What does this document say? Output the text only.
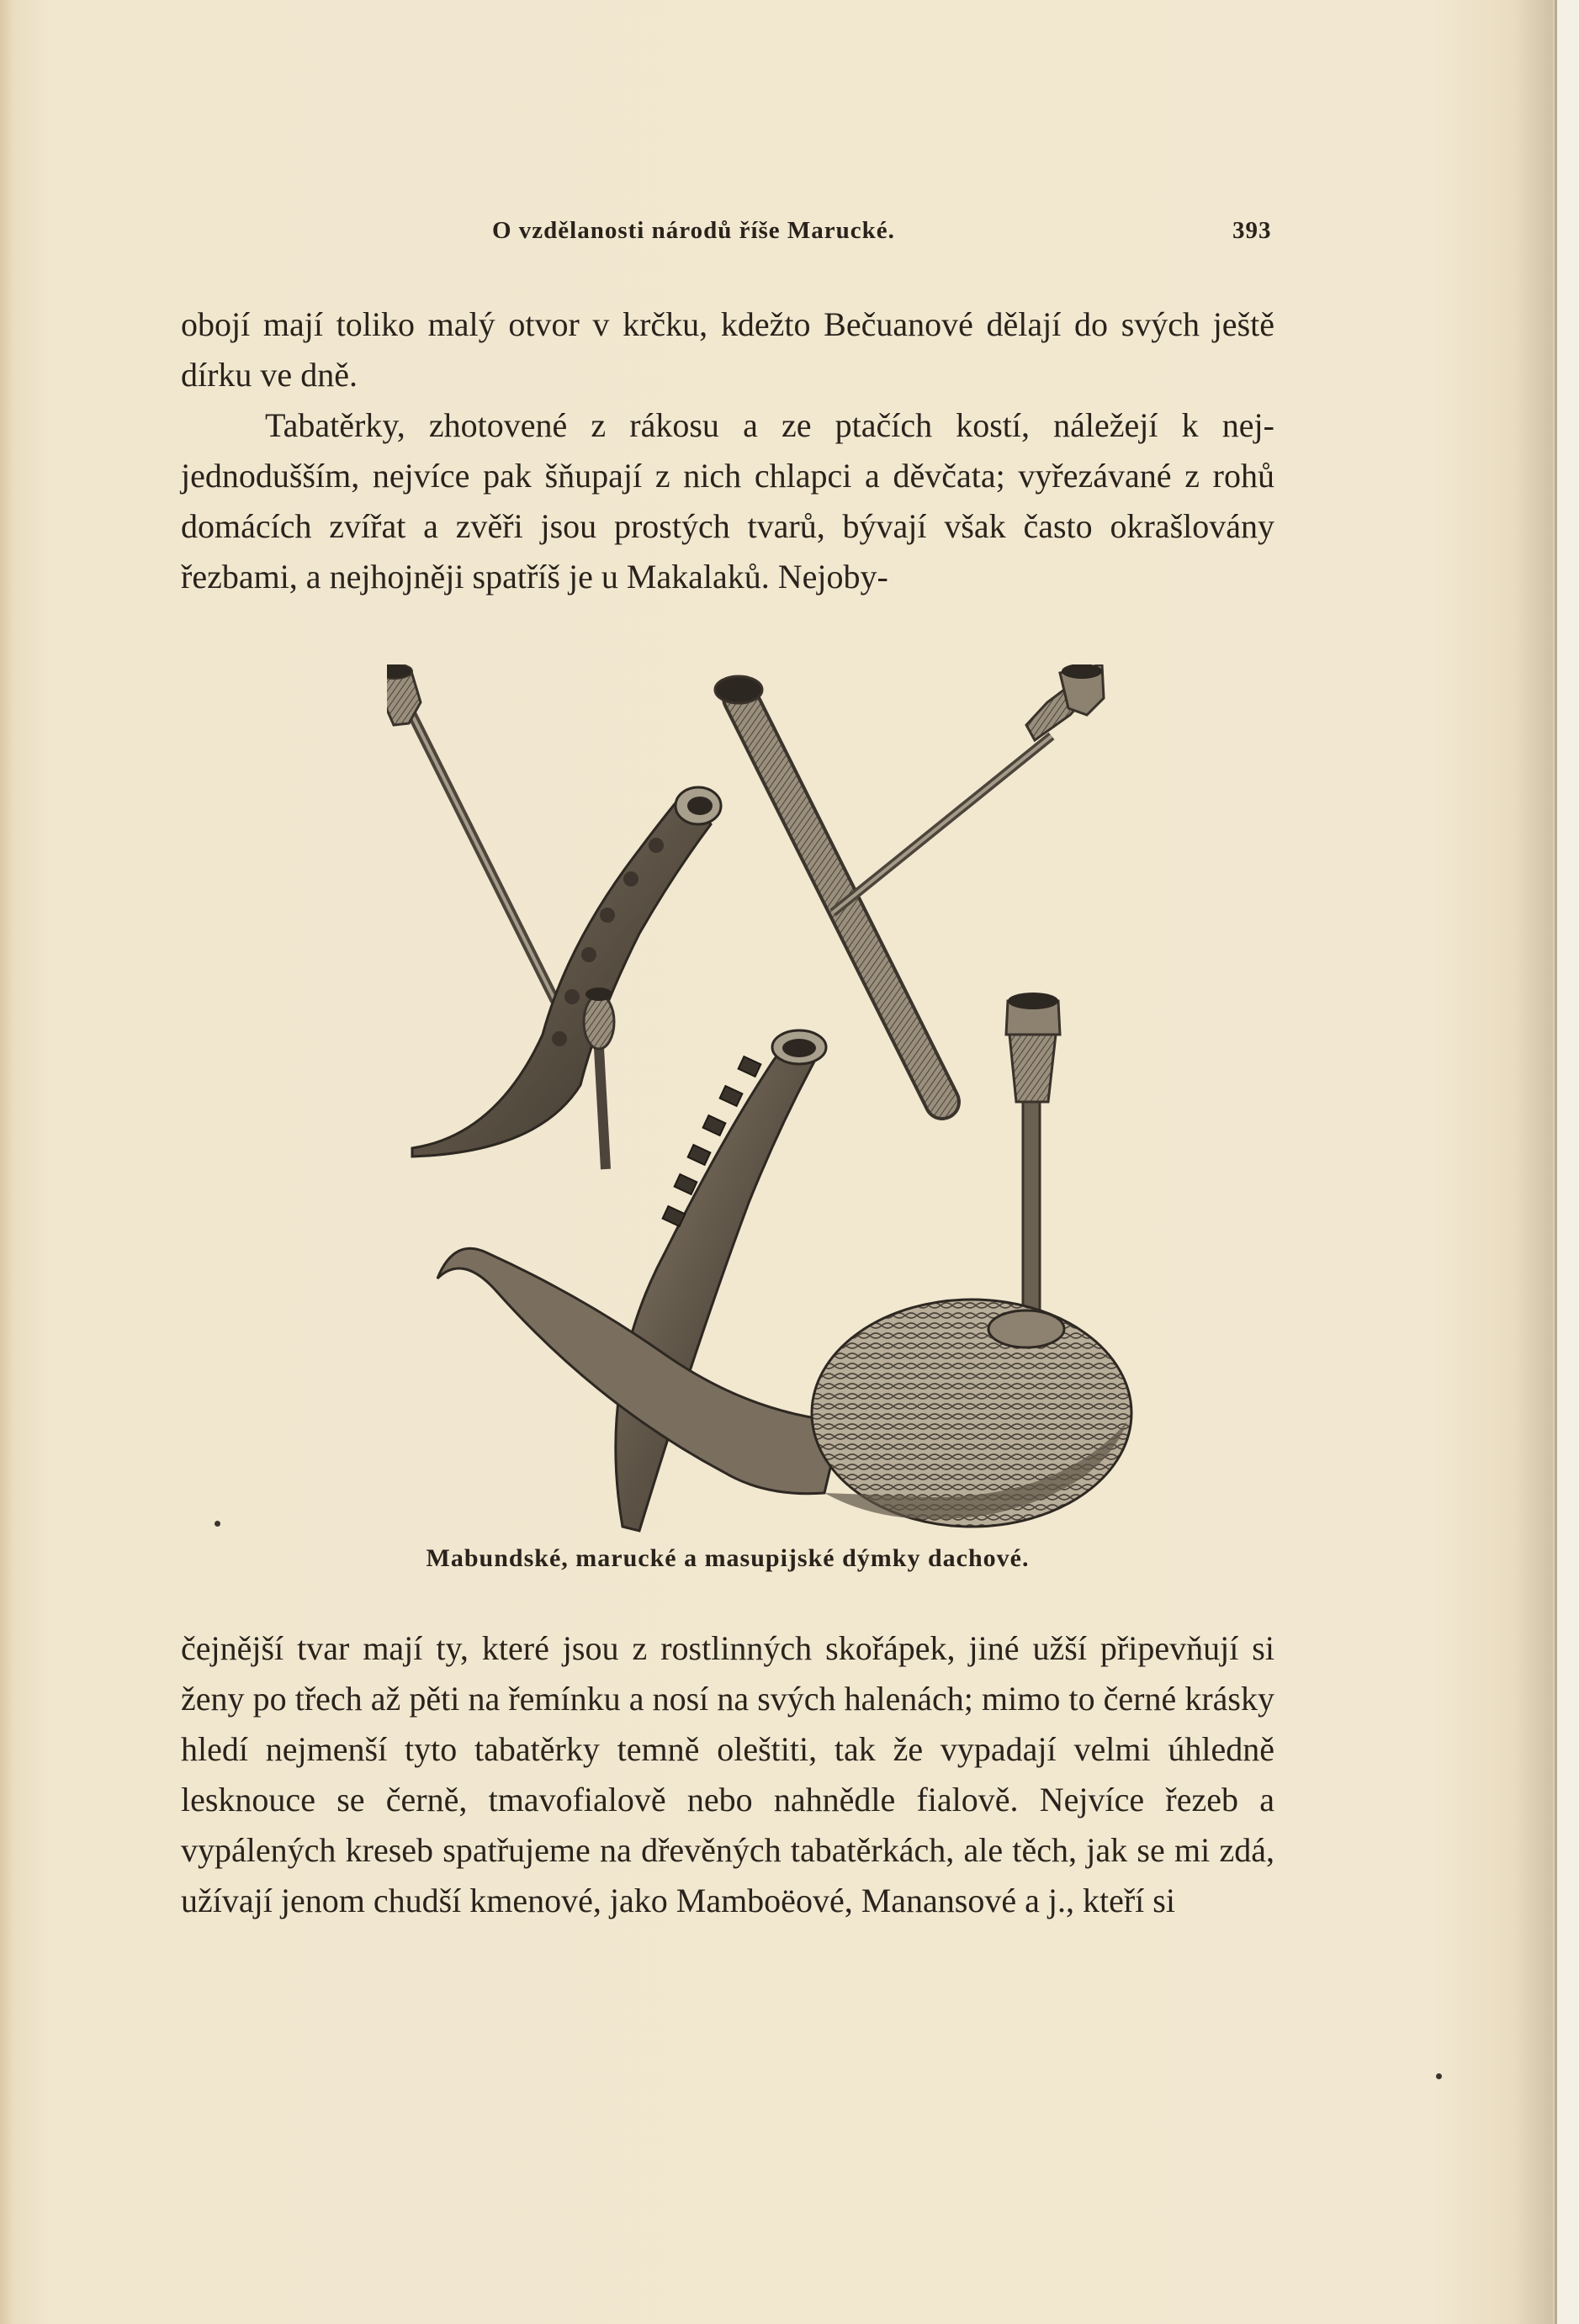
O vzdělanosti národů říše Marucké.	393

obojí mají toliko malý otvor v krčku, kdežto Bečuanové dělají do svých ještě dírku ve dně.

Tabatěrky, zhotovené z rákosu a ze ptačích kostí, náležejí k nejjednodušším, nejvíce pak šňupají z nich chlapci a děvčata; vyřezávané z rohů domácích zvířat a zvěři jsou prostých tvarů, bývají však často okrašlovány řezbami, a nejhojněji spatříš je u Makalaků. Nejoby-

Mabundské, marucké a masupijské dýmky dachové.

čejnější tvar mají ty, které jsou z rostlinných skořápek, jiné užší připevňují si ženy po třech až pěti na řemínku a nosí na svých halenách; mimo to černé krásky hledí nejmenší tyto tabatěrky temně oleštiti, tak že vypadají velmi úhledně lesknouce se černě, tmavofialově nebo nahnědle fialově. Nejvíce řezeb a vypálených kreseb spatřujeme na dřevěných tabatěrkách, ale těch, jak se mi zdá, užívají jenom chudší kmenové, jako Mamboëové, Manansové a j., kteří si
